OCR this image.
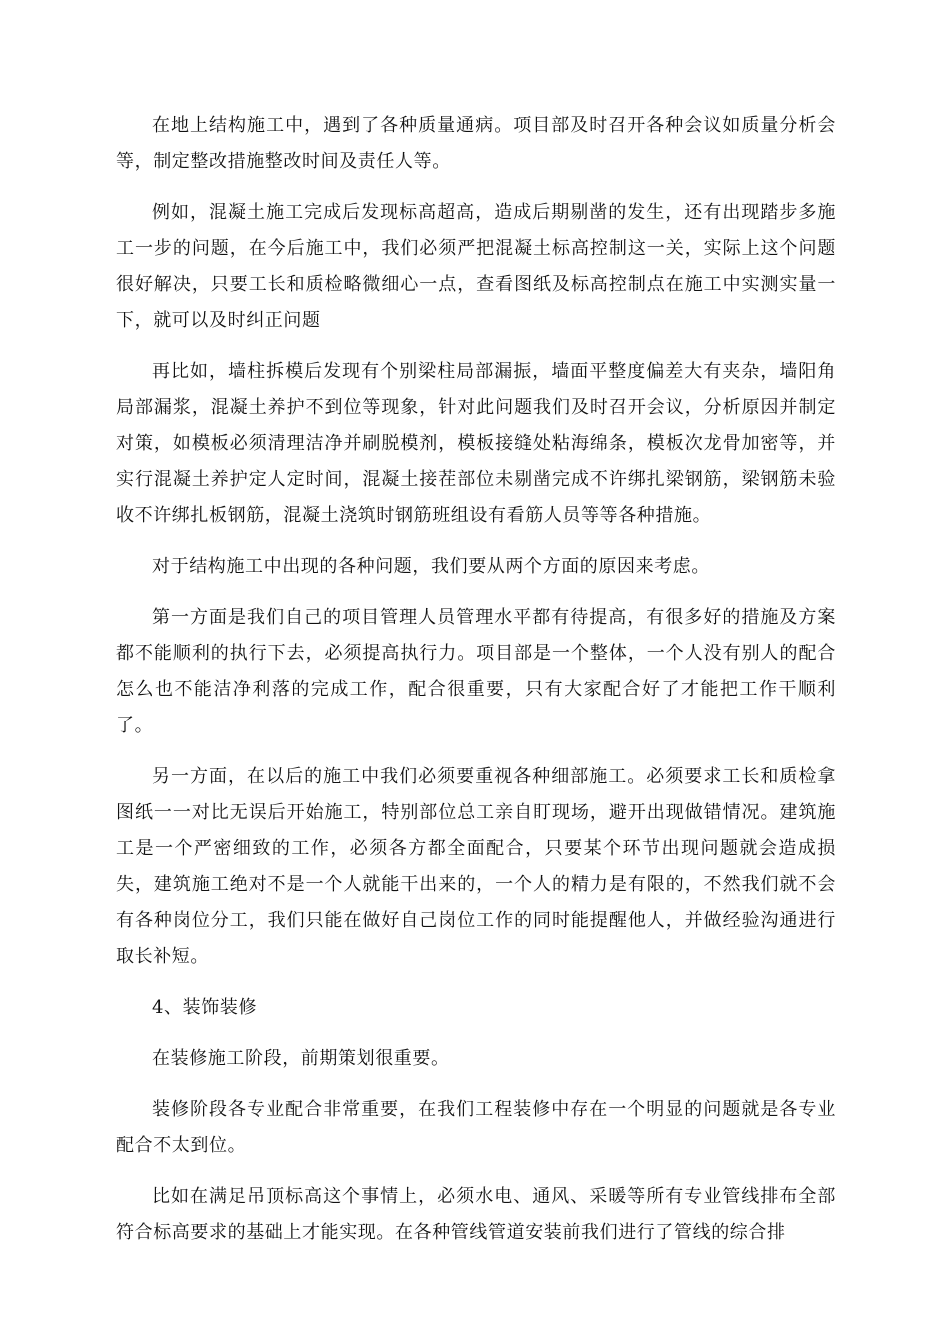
在地上结构施工中，遇到了各种质量通病。项目部及时召开各种会议如质量分析会等，制定整改措施整改时间及责任人等。

例如，混凝土施工完成后发现标高超高，造成后期剔凿的发生，还有出现踏步多施工一步的问题，在今后施工中，我们必须严把混凝土标高控制这一关，实际上这个问题很好解决，只要工长和质检略微细心一点，查看图纸及标高控制点在施工中实测实量一下，就可以及时纠正问题

再比如，墙柱拆模后发现有个别梁柱局部漏振，墙面平整度偏差大有夹杂，墙阳角局部漏浆，混凝土养护不到位等现象，针对此问题我们及时召开会议，分析原因并制定对策，如模板必须清理洁净并刷脱模剂，模板接缝处粘海绵条，模板次龙骨加密等，并实行混凝土养护定人定时间，混凝土接茬部位未剔凿完成不许绑扎梁钢筋，梁钢筋未验收不许绑扎板钢筋，混凝土浇筑时钢筋班组设有看筋人员等等各种措施。

对于结构施工中出现的各种问题，我们要从两个方面的原因来考虑。

第一方面是我们自己的项目管理人员管理水平都有待提高，有很多好的措施及方案都不能顺利的执行下去，必须提高执行力。项目部是一个整体，一个人没有别人的配合怎么也不能洁净利落的完成工作，配合很重要，只有大家配合好了才能把工作干顺利了。

另一方面，在以后的施工中我们必须要重视各种细部施工。必须要求工长和质检拿图纸一一对比无误后开始施工，特别部位总工亲自盯现场，避开出现做错情况。建筑施工是一个严密细致的工作，必须各方都全面配合，只要某个环节出现问题就会造成损失，建筑施工绝对不是一个人就能干出来的，一个人的精力是有限的，不然我们就不会有各种岗位分工，我们只能在做好自己岗位工作的同时能提醒他人，并做经验沟通进行取长补短。

4、装饰装修

在装修施工阶段，前期策划很重要。

装修阶段各专业配合非常重要，在我们工程装修中存在一个明显的问题就是各专业配合不太到位。

比如在满足吊顶标高这个事情上，必须水电、通风、采暖等所有专业管线排布全部符合标高要求的基础上才能实现。在各种管线管道安装前我们进行了管线的综合排
